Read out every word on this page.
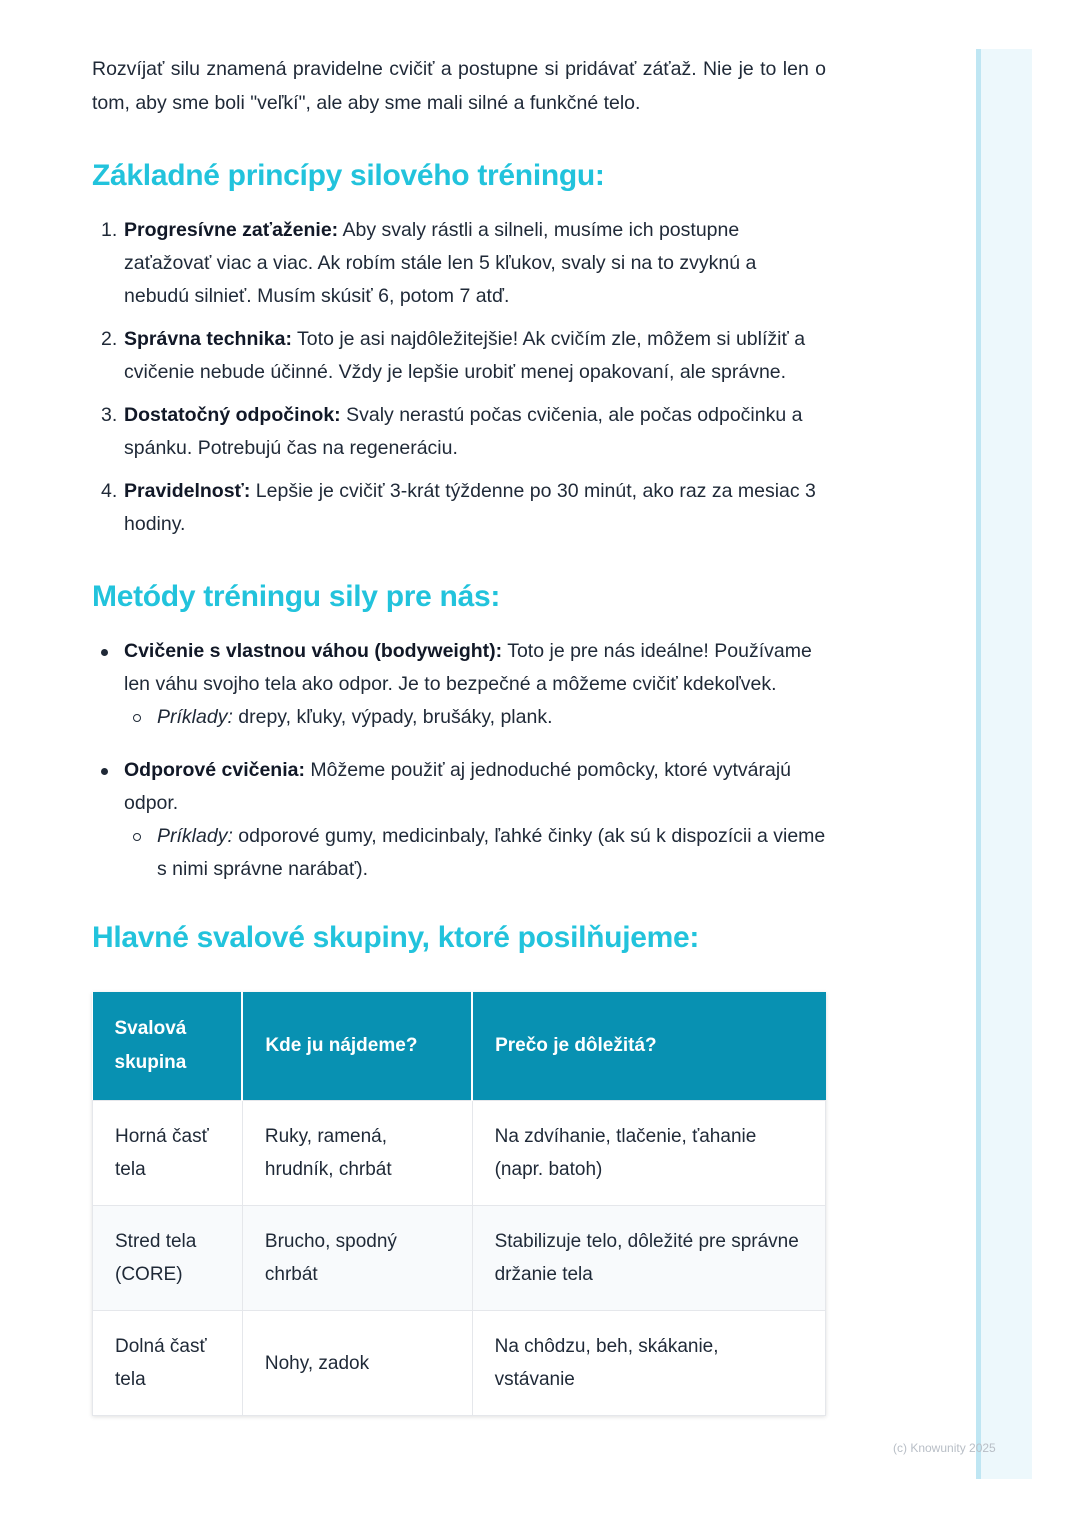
Rozvíjať silu znamená pravidelne cvičiť a postupne si pridávať záťaž. Nie je to len o tom, aby sme boli "veľkí", ale aby sme mali silné a funkčné telo.

Základné princípy silového tréningu:
1. Progresívne zaťaženie: Aby svaly rástli a silneli, musíme ich postupne zaťažovať viac a viac. Ak robím stále len 5 kľukov, svaly si na to zvyknú a nebudú silnieť. Musím skúsiť 6, potom 7 atď.
2. Správna technika: Toto je asi najdôležitejšie! Ak cvičím zle, môžem si ublížiť a cvičenie nebude účinné. Vždy je lepšie urobiť menej opakovaní, ale správne.
3. Dostatočný odpočinok: Svaly nerastú počas cvičenia, ale počas odpočinku a spánku. Potrebujú čas na regeneráciu.
4. Pravidelnosť: Lepšie je cvičiť 3-krát týždenne po 30 minút, ako raz za mesiac 3 hodiny.
Metódy tréningu sily pre nás:
Cvičenie s vlastnou váhou (bodyweight): Toto je pre nás ideálne! Používame len váhu svojho tela ako odpor. Je to bezpečné a môžeme cvičiť kdekoľvek.
Príklady: drepy, kľuky, výpady, brušáky, plank.
Odporové cvičenia: Môžeme použiť aj jednoduché pomôcky, ktoré vytvárajú odpor.
Príklady: odporové gumy, medicinbaly, ľahké činky (ak sú k dispozícii a vieme s nimi správne narábať).
Hlavné svalové skupiny, ktoré posilňujeme:
Svalová skupina	Kde ju nájdeme?	Prečo je dôležitá?
Horná časť tela	Ruky, ramená, hrudník, chrbát	Na zdvíhanie, tlačenie, ťahanie (napr. batoh)
Stred tela (CORE)	Brucho, spodný chrbát	Stabilizuje telo, dôležité pre správne držanie tela
Dolná časť tela	Nohy, zadok	Na chôdzu, beh, skákanie, vstávanie
(c) Knowunity 2025
